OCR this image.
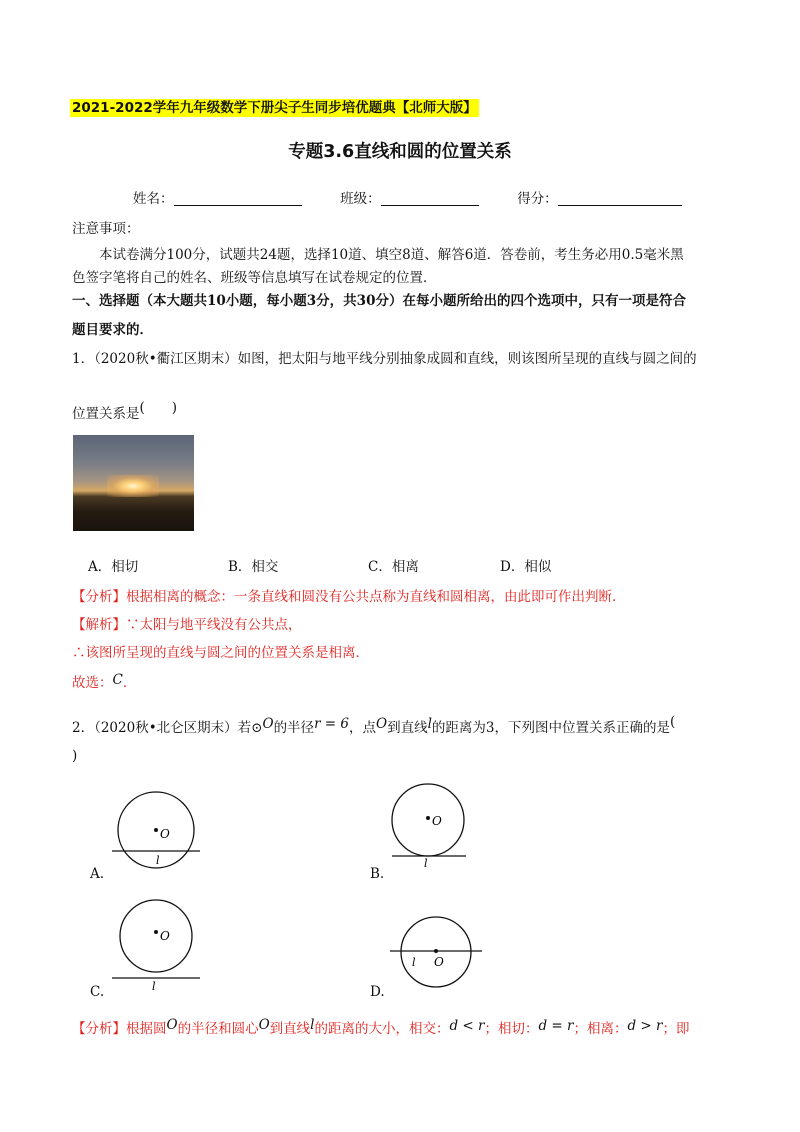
2021-2022学年九年级数学下册尖子生同步培优题典【北师大版】
专题3.6直线和圆的位置关系
姓名：	班级：	得分：
注意事项：
本试卷满分100分，试题共24题，选择10道、填空8道、解答6道．答卷前，考生务必用0.5毫米黑
色签字笔将自己的姓名、班级等信息填写在试卷规定的位置．
一、选择题（本大题共10小题，每小题3分，共30分）在每小题所给出的四个选项中，只有一项是符合
题目要求的．
1．（2020秋•衢江区期末）如图，把太阳与地平线分别抽象成圆和直线，则该图所呈现的直线与圆之间的
位置关系是(　　)
A．相切	B．相交	C．相离	D．相似
【分析】根据相离的概念：一条直线和圆没有公共点称为直线和圆相离，由此即可作出判断．
【解析】∵太阳与地平线没有公共点，
∴该图所呈现的直线与圆之间的位置关系是相离．
故选：C．
2．（2020秋•北仑区期末）若⊙O的半径r = 6，点O到直线l的距离为3，下列图中位置关系正确的是(
)
O
l
A.
O
l
B.
O
l
C.
O
l
D.
【分析】根据圆O的半径和圆心O到直线l的距离的大小，相交：d < r；相切：d = r；相离：d > r；即
